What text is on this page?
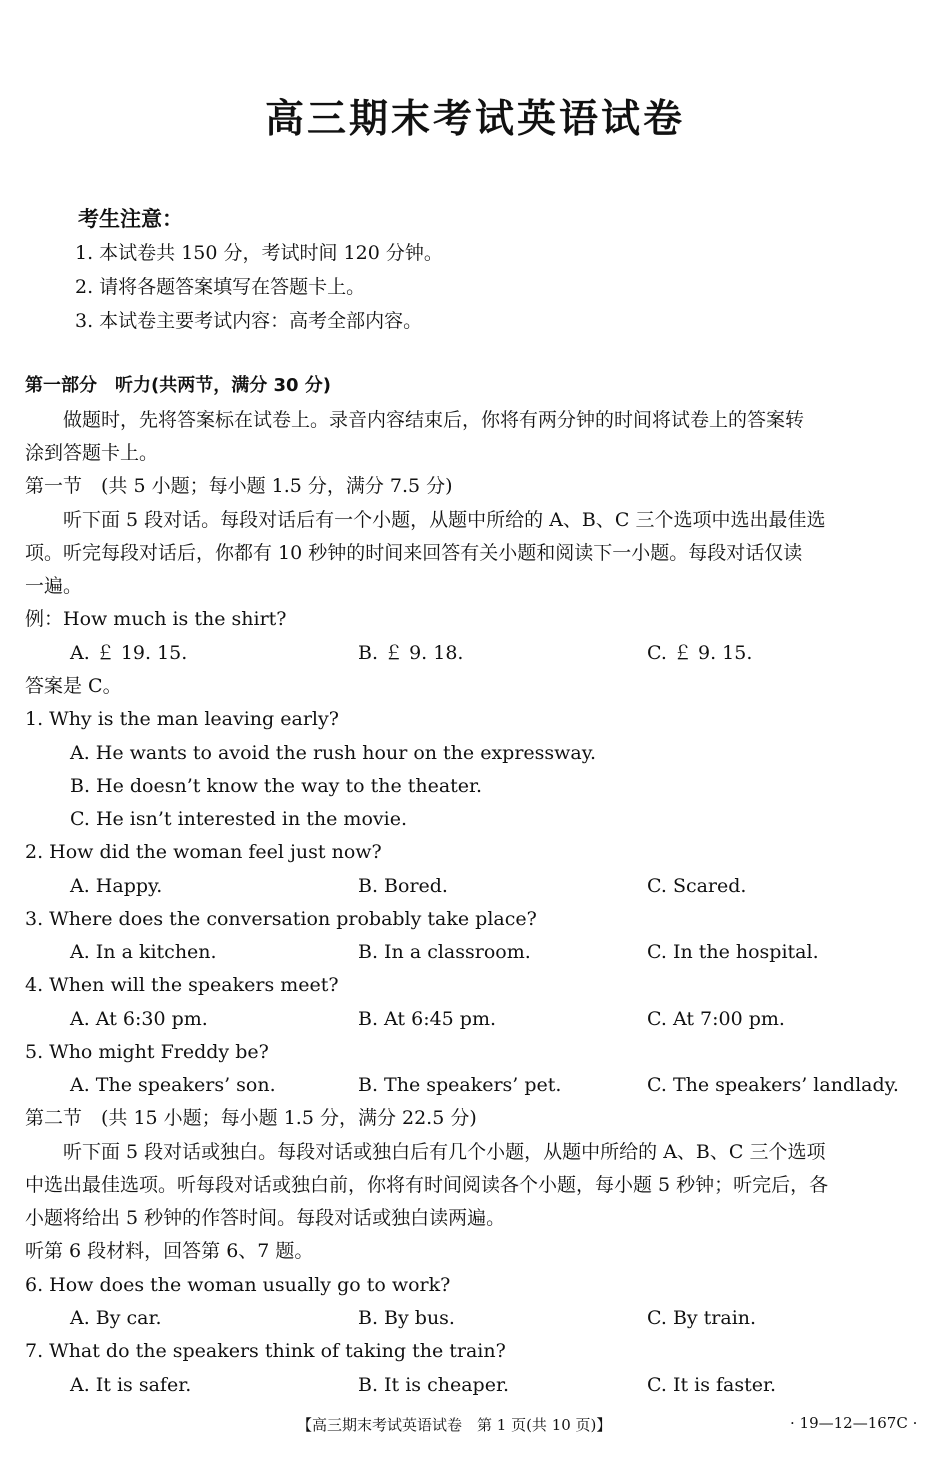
高三期末考试英语试卷
考生注意：
1. 本试卷共 150 分，考试时间 120 分钟。
2. 请将各题答案填写在答题卡上。
3. 本试卷主要考试内容：高考全部内容。
第一部分　听力(共两节，满分 30 分)
　　做题时，先将答案标在试卷上。录音内容结束后，你将有两分钟的时间将试卷上的答案转
涂到答题卡上。
第一节　(共 5 小题；每小题 1.5 分，满分 7.5 分)
　　听下面 5 段对话。每段对话后有一个小题，从题中所给的 A、B、C 三个选项中选出最佳选
项。听完每段对话后，你都有 10 秒钟的时间来回答有关小题和阅读下一小题。每段对话仅读
一遍。
例：How much is the shirt?
A. ￡ 19. 15.	B. ￡ 9. 18.	C. ￡ 9. 15.
答案是 C。
1. Why is the man leaving early?
A. He wants to avoid the rush hour on the expressway.
B. He doesn’t know the way to the theater.
C. He isn’t interested in the movie.
2. How did the woman feel just now?
A. Happy.	B. Bored.	C. Scared.
3. Where does the conversation probably take place?
A. In a kitchen.	B. In a classroom.	C. In the hospital.
4. When will the speakers meet?
A. At 6:30 pm.	B. At 6:45 pm.	C. At 7:00 pm.
5. Who might Freddy be?
A. The speakers’ son.	B. The speakers’ pet.	C. The speakers’ landlady.
第二节　(共 15 小题；每小题 1.5 分，满分 22.5 分)
　　听下面 5 段对话或独白。每段对话或独白后有几个小题，从题中所给的 A、B、C 三个选项
中选出最佳选项。听每段对话或独白前，你将有时间阅读各个小题，每小题 5 秒钟；听完后，各
小题将给出 5 秒钟的作答时间。每段对话或独白读两遍。
听第 6 段材料，回答第 6、7 题。
6. How does the woman usually go to work?
A. By car.	B. By bus.	C. By train.
7. What do the speakers think of taking the train?
A. It is safer.	B. It is cheaper.	C. It is faster.
【高三期末考试英语试卷　第 1 页(共 10 页)】	· 19—12—167C ·
